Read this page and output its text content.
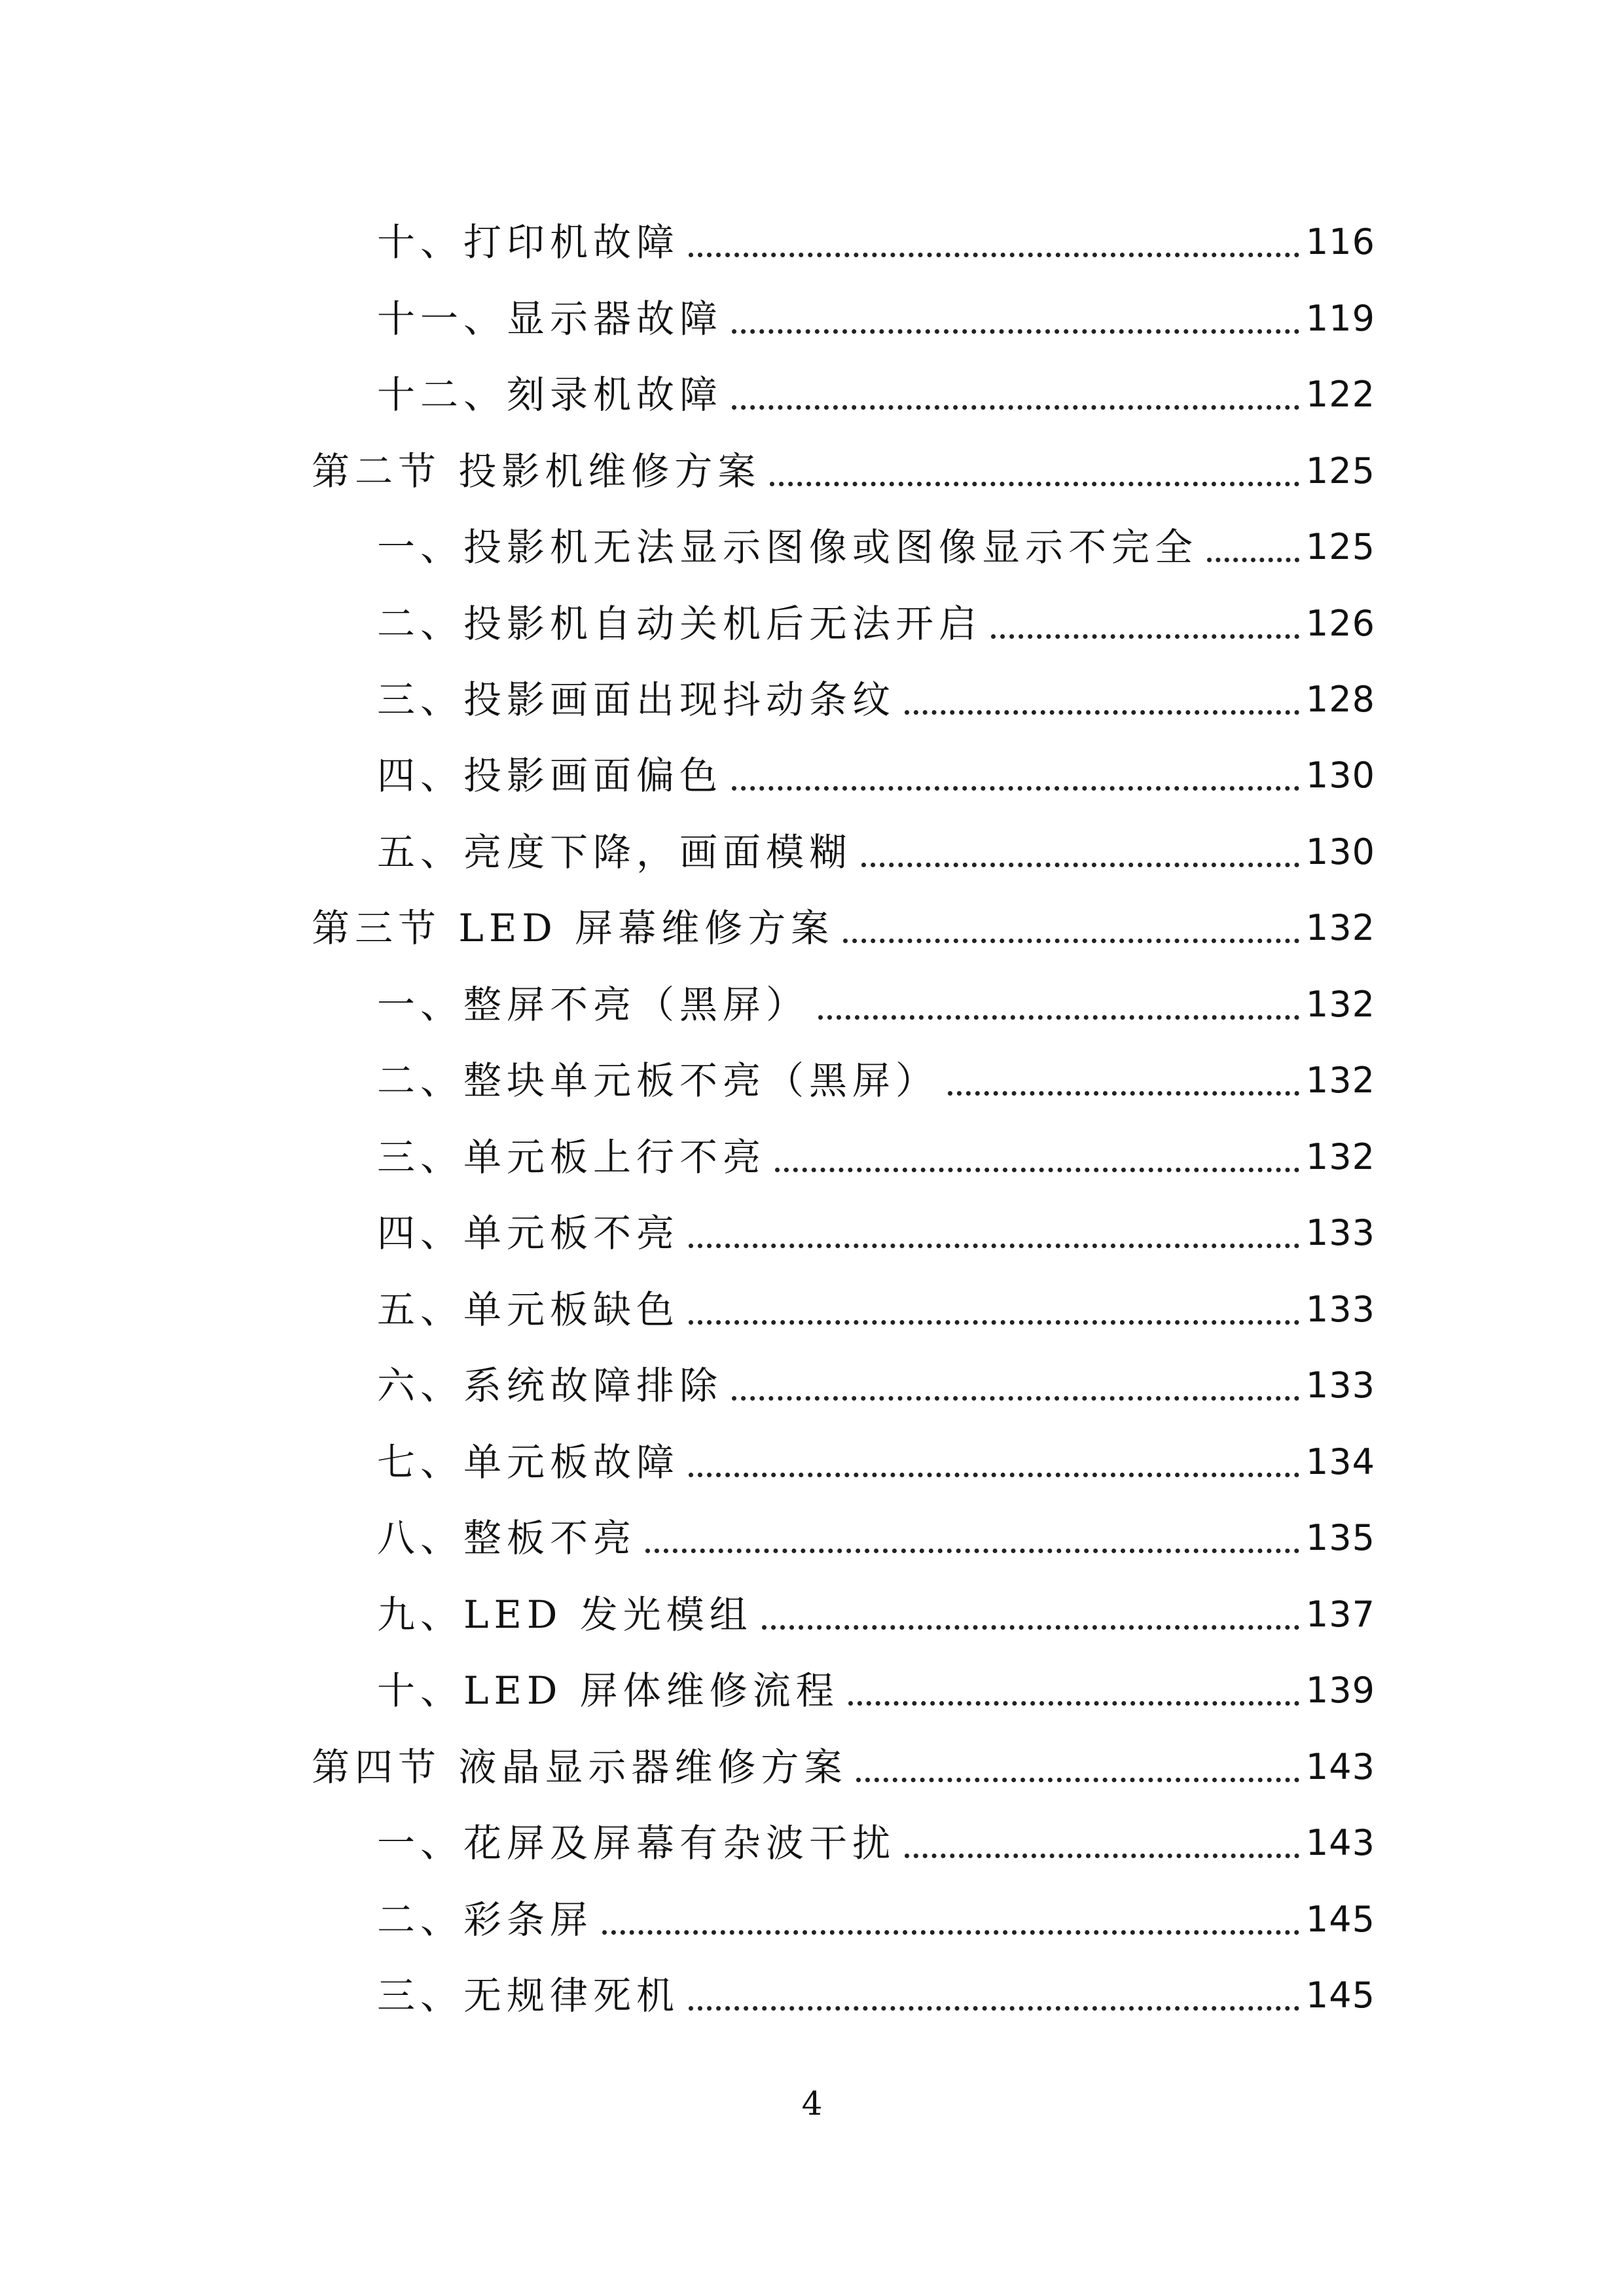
十、打印机故障	116
十一、显示器故障	119
十二、刻录机故障	122
第二节 投影机维修方案	125
一、投影机无法显示图像或图像显示不完全	125
二、投影机自动关机后无法开启	126
三、投影画面出现抖动条纹	128
四、投影画面偏色	130
五、亮度下降，画面模糊	130
第三节 LED 屏幕维修方案	132
一、整屏不亮（黑屏）	132
二、整块单元板不亮（黑屏）	132
三、单元板上行不亮	132
四、单元板不亮	133
五、单元板缺色	133
六、系统故障排除	133
七、单元板故障	134
八、整板不亮	135
九、LED 发光模组	137
十、LED 屏体维修流程	139
第四节 液晶显示器维修方案	143
一、花屏及屏幕有杂波干扰	143
二、彩条屏	145
三、无规律死机	145
4
